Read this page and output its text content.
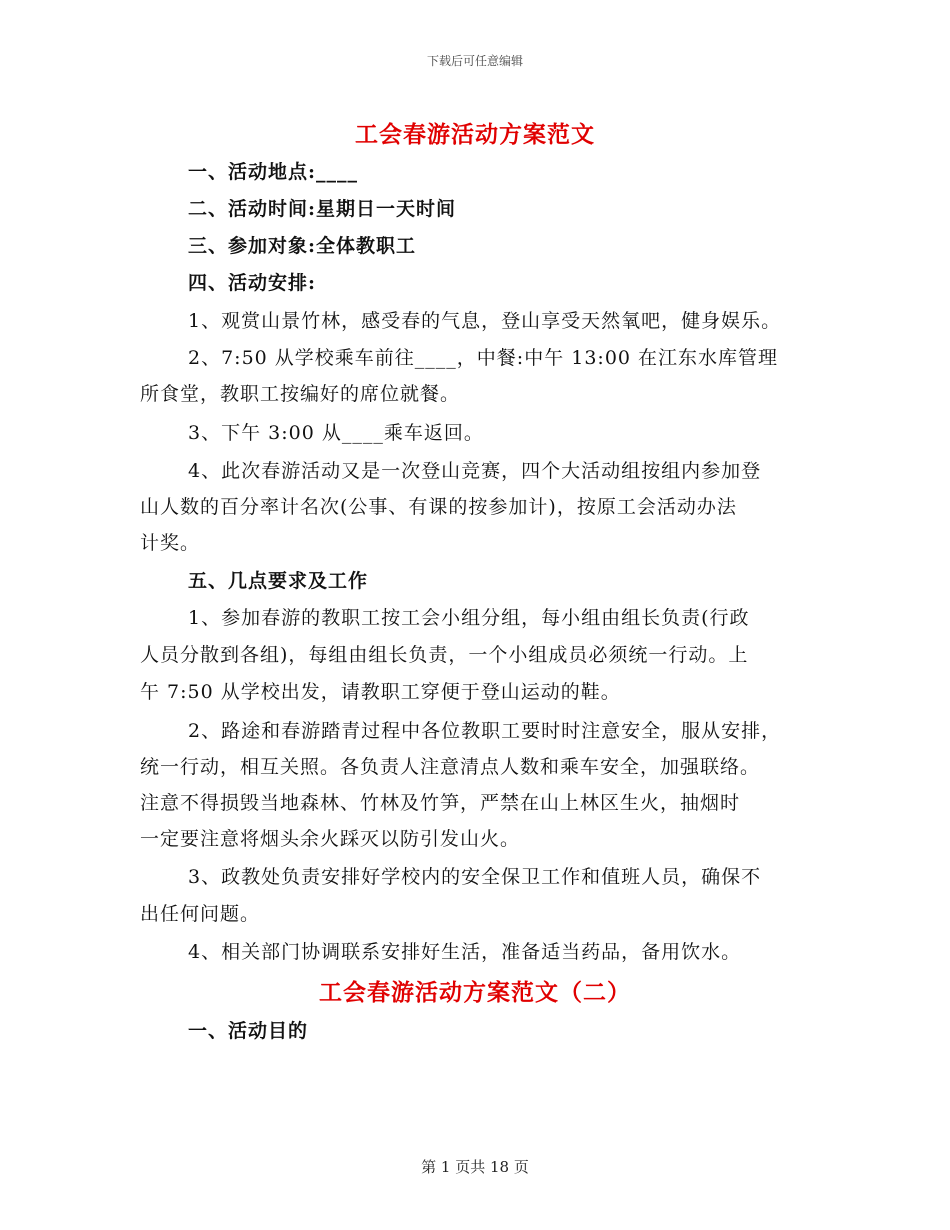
下载后可任意编辑
工会春游活动方案范文
一、活动地点:____
二、活动时间:星期日一天时间
三、参加对象:全体教职工
四、活动安排:
1、观赏山景竹林，感受春的气息，登山享受天然氧吧，健身娱乐。
2、7:50 从学校乘车前往____，中餐:中午 13:00 在江东水库管理
所食堂，教职工按编好的席位就餐。
3、下午 3:00 从____乘车返回。
4、此次春游活动又是一次登山竞赛，四个大活动组按组内参加登
山人数的百分率计名次(公事、有课的按参加计)，按原工会活动办法
计奖。
五、几点要求及工作
1、参加春游的教职工按工会小组分组，每小组由组长负责(行政
人员分散到各组)，每组由组长负责，一个小组成员必须统一行动。上
午 7:50 从学校出发，请教职工穿便于登山运动的鞋。
2、路途和春游踏青过程中各位教职工要时时注意安全，服从安排，
统一行动，相互关照。各负责人注意清点人数和乘车安全，加强联络。
注意不得损毁当地森林、竹林及竹笋，严禁在山上林区生火，抽烟时
一定要注意将烟头余火踩灭以防引发山火。
3、政教处负责安排好学校内的安全保卫工作和值班人员，确保不
出任何问题。
4、相关部门协调联系安排好生活，准备适当药品，备用饮水。
工会春游活动方案范文（二）
一、活动目的
第 1 页共 18 页
